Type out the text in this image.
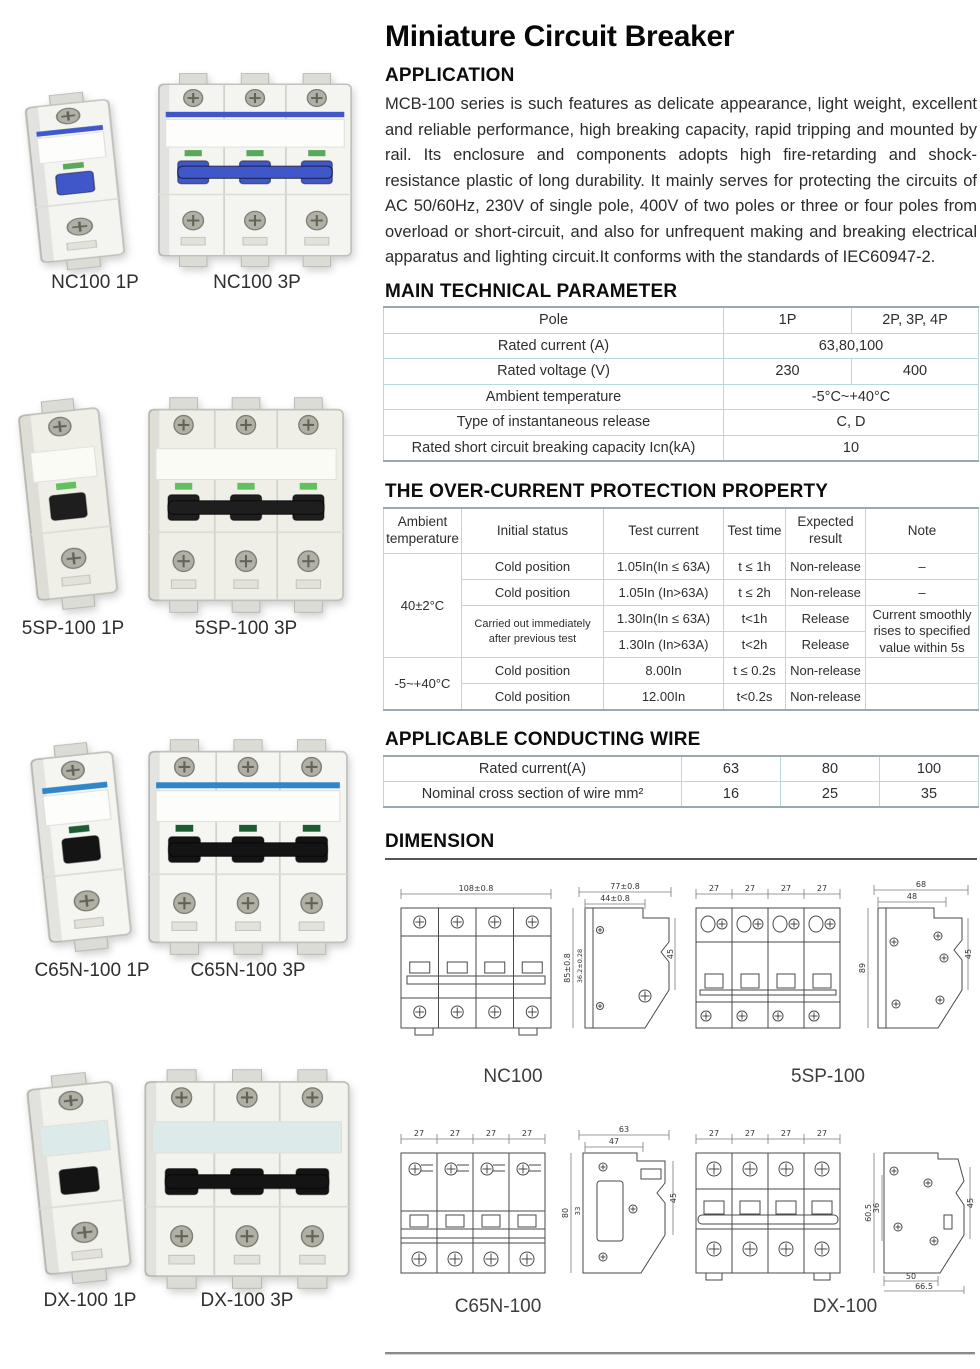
NC100 1P	NC100 3P
5SP-100 1P	5SP-100 3P
C65N-100 1P	C65N-100 3P
DX-100 1P	DX-100 3P
Miniature Circuit Breaker
APPLICATION
MCB-100 series is such features as delicate appearance, light weight, excellent and reliable performance, high breaking capacity, rapid tripping and mounted by rail. Its enclosure and components adopts high fire-retarding and shock-resistance plastic of long durability. It mainly serves for protecting the circuits of AC 50/60Hz, 230V of single pole, 400V of two poles or three or four poles from overload or short-circuit, and also for unfrequent making and breaking electrical apparatus and lighting circuit.It conforms with the standards of IEC60947-2.
MAIN TECHNICAL PARAMETER
Pole	1P	2P, 3P, 4P
Rated current (A)	63,80,100	
Rated voltage (V)	230	400
Ambient temperature	-5°C~+40°C	
Type of instantaneous release	C, D	
Rated short circuit breaking capacity Icn(kA)	10	
THE OVER-CURRENT PROTECTION PROPERTY
Ambient temperature	Initial status	Test current	Test time	Expected result	Note
40±2°C	Cold position	1.05In(In ≤ 63A)	t ≤ 1h	Non-release	–
	Cold position	1.05In (In>63A)	t ≤ 2h	Non-release	–

	Carried out immediately
after previous test	1.30In(In ≤ 63A)	t<1h	Release	Current smoothly rises to specified value within 5s
		1.30In (In>63A)	t<2h	Release	
-5~+40°C	Cold position	8.00In	t ≤ 0.2s	Non-release	
	Cold position	12.00In	t<0.2s	Non-release	
APPLICABLE CONDUCTING WIRE
Rated current(A)	63	80	100
Nominal cross section of wire mm²	16	25	35
DIMENSION
108±0.8	77±0.8
44±0.8
85±0.8 36.2±0.28	45
27	27	27	27	68
48
89
45
NC100	5SP-100
27	27	27	27	63
47
80 33
45
27	27	27	27
60.5 36	45
50
66.5
C65N-100	DX-100
